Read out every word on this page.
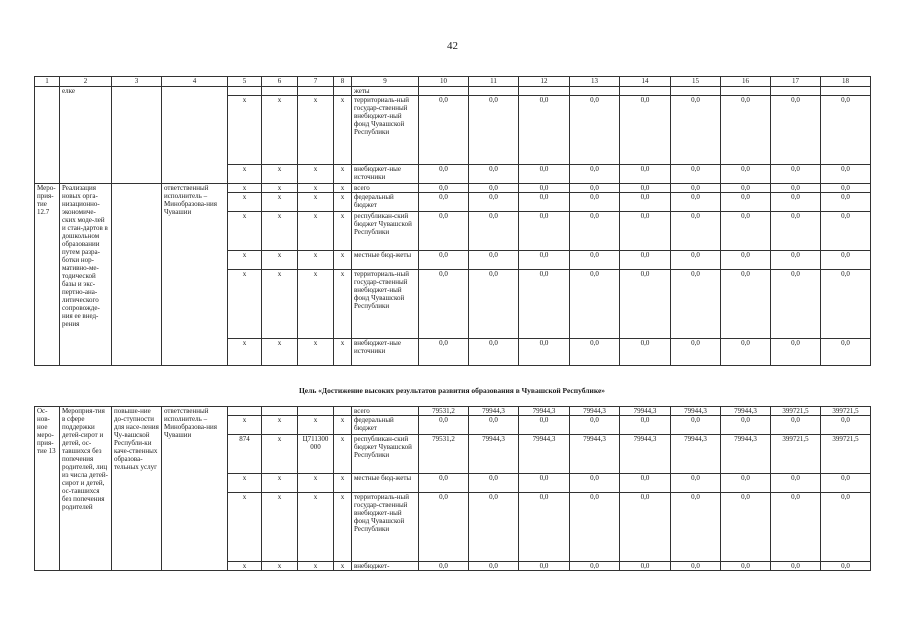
42
1	2	3	4	5	6	7	8	9	10	11	12	13	14	15	16	17	18
	елке							жеты									
				x	x	x	x	территориаль-ный государ-ственный внебюджет-ный фонд Чувашской Республики	0,0	0,0	0,0	0,0	0,0	0,0	0,0	0,0	0,0
				x	x	x	x	внебюджет-ные источники	0,0	0,0	0,0	0,0	0,0	0,0	0,0	0,0	0,0
Меро-прия-тие 12.7	Реализация новых орга-низационно-экономиче-ских моде-лей и стан-дартов в дошкольном образовании путем разра-ботки нор-мативно-ме-тодической базы и экс-пертно-ана-литического сопровожде-ния ее внед-рения		ответственный исполнитель – Минобразова-ния Чувашии	x	x	x	x	всего	0,0	0,0	0,0	0,0	0,0	0,0	0,0	0,0	0,0
				x	x	x	x	федеральный бюджет	0,0	0,0	0,0	0,0	0,0	0,0	0,0	0,0	0,0
				x	x	x	x	республикан-ский бюджет Чувашской Республики	0,0	0,0	0,0	0,0	0,0	0,0	0,0	0,0	0,0
				x	x	x	x	местные бюд-жеты	0,0	0,0	0,0	0,0	0,0	0,0	0,0	0,0	0,0
				x	x	x	x	территориаль-ный государ-ственный внебюджет-ный фонд Чувашской Республики	0,0	0,0	0,0	0,0	0,0	0,0	0,0	0,0	0,0
				x	x	x	x	внебюджет-ные источники	0,0	0,0	0,0	0,0	0,0	0,0	0,0	0,0	0,0
Цель «Достижение высоких результатов развития образования в Чувашской Республике»
Ос-нов-ное меро-прия-тие 13	Мероприя-тия в сфере поддержки детей-сирот и детей, ос-тавшихся без попечения родителей, лиц из числа детей-сирот и детей, ос-тавшихся без попечения родителей	повыше-ние до-ступности для насе-ления Чу-вашской Республи-ки каче-ственных образова-тельных услуг	ответственный исполнитель – Минобразова-ния Чувашии					всего	79531,2	79944,3	79944,3	79944,3	79944,3	79944,3	79944,3	399721,5	399721,5
				x	x	x	x	федеральный бюджет	0,0	0,0	0,0	0,0	0,0	0,0	0,0	0,0	0,0
				874	x	Ц711300 000	x	республикан-ский бюджет Чувашской Республики	79531,2	79944,3	79944,3	79944,3	79944,3	79944,3	79944,3	399721,5	399721,5
				x	x	x	x	местные бюд-жеты	0,0	0,0	0,0	0,0	0,0	0,0	0,0	0,0	0,0
				x	x	x	x	территориаль-ный государ-ственный внебюджет-ный фонд Чувашской Республики	0,0	0,0	0,0	0,0	0,0	0,0	0,0	0,0	0,0
				x	x	x	x	внебюджет-	0,0	0,0	0,0	0,0	0,0	0,0	0,0	0,0	0,0
